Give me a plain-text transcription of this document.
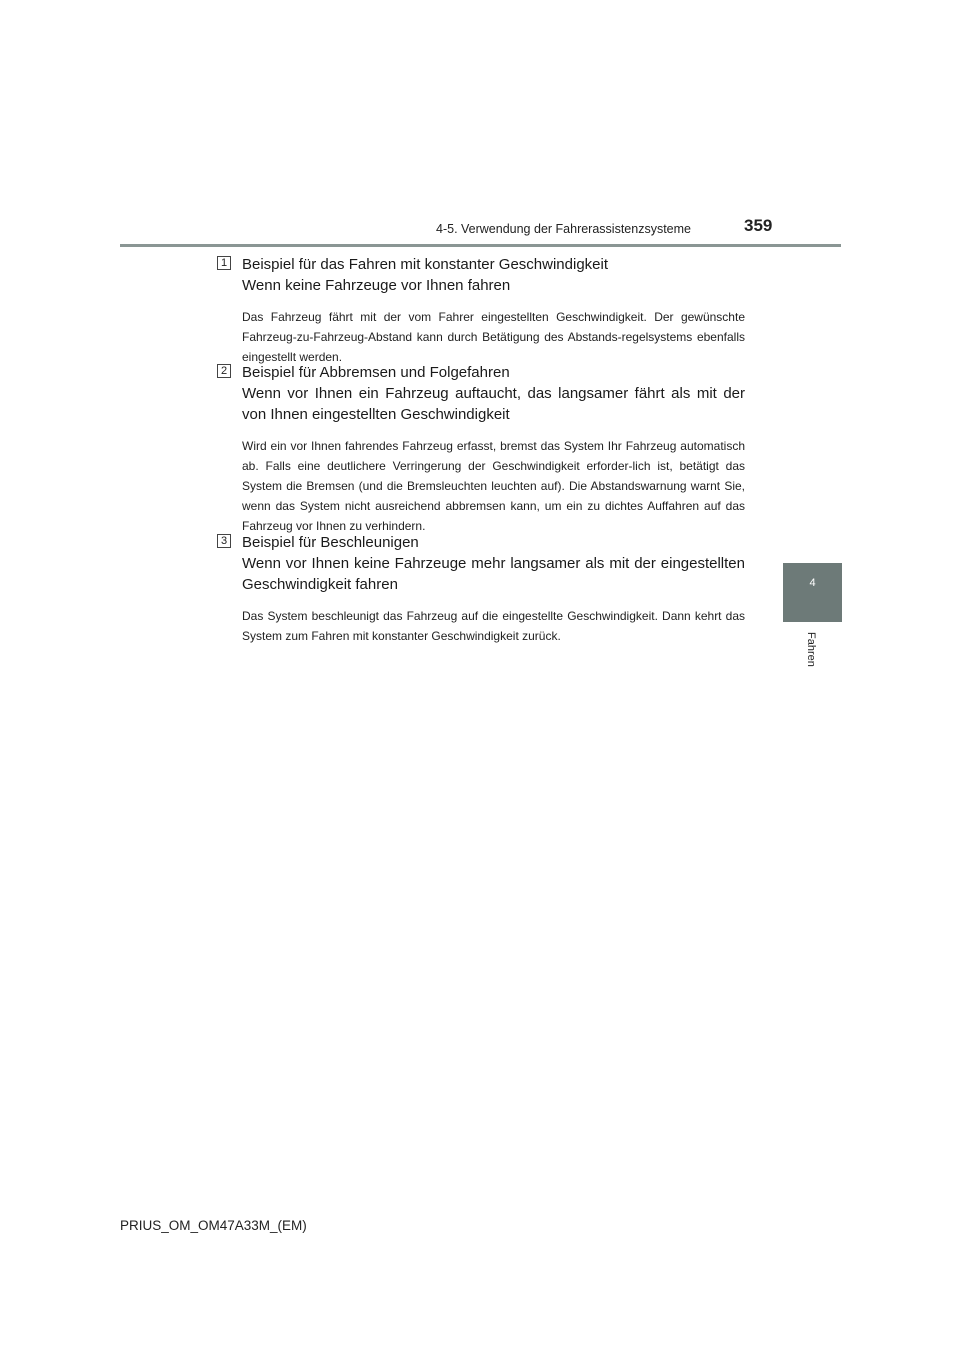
4-5. Verwendung der Fahrerassistenzsysteme	359
4
Fahren
1 Beispiel für das Fahren mit konstanter Geschwindigkeit
Wenn keine Fahrzeuge vor Ihnen fahren

Das Fahrzeug fährt mit der vom Fahrer eingestellten Geschwindigkeit. Der gewünschte Fahrzeug-zu-Fahrzeug-Abstand kann durch Betätigung des Abstands-regelsystems ebenfalls eingestellt werden.

2 Beispiel für Abbremsen und Folgefahren
Wenn vor Ihnen ein Fahrzeug auftaucht, das langsamer fährt als mit der von Ihnen eingestellten Geschwindigkeit

Wird ein vor Ihnen fahrendes Fahrzeug erfasst, bremst das System Ihr Fahrzeug automatisch ab. Falls eine deutlichere Verringerung der Geschwindigkeit erforder-lich ist, betätigt das System die Bremsen (und die Bremsleuchten leuchten auf). Die Abstandswarnung warnt Sie, wenn das System nicht ausreichend abbremsen kann, um ein zu dichtes Auffahren auf das Fahrzeug vor Ihnen zu verhindern.

3 Beispiel für Beschleunigen
Wenn vor Ihnen keine Fahrzeuge mehr langsamer als mit der eingestellten Geschwindigkeit fahren

Das System beschleunigt das Fahrzeug auf die eingestellte Geschwindigkeit. Dann kehrt das System zum Fahren mit konstanter Geschwindigkeit zurück.

PRIUS_OM_OM47A33M_(EM)
